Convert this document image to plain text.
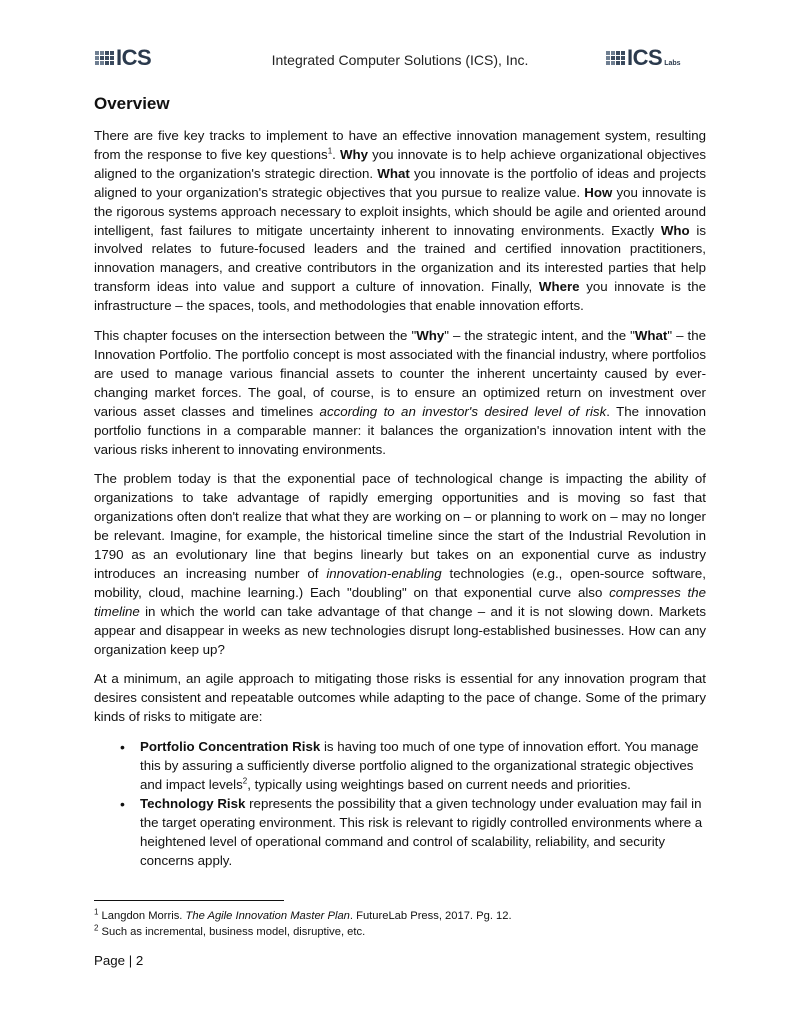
ICS	Integrated Computer Solutions (ICS), Inc.	ICS Labs
Overview

There are five key tracks to implement to have an effective innovation management system, resulting from the response to five key questions$^1$. Why you innovate is to help achieve organizational objectives aligned to the organization's strategic direction. What you innovate is the portfolio of ideas and projects aligned to your organization's strategic objectives that you pursue to realize value. How you innovate is the rigorous systems approach necessary to exploit insights, which should be agile and oriented around intelligent, fast failures to mitigate uncertainty inherent to innovating environments. Exactly Who is involved relates to future-focused leaders and the trained and certified innovation practitioners, innovation managers, and creative contributors in the organization and its interested parties that help transform ideas into value and support a culture of innovation. Finally, Where you innovate is the infrastructure – the spaces, tools, and methodologies that enable innovation efforts.

This chapter focuses on the intersection between the "Why" – the strategic intent, and the "What" – the Innovation Portfolio. The portfolio concept is most associated with the financial industry, where portfolios are used to manage various financial assets to counter the inherent uncertainty caused by ever-changing market forces. The goal, of course, is to ensure an optimized return on investment over various asset classes and timelines according to an investor's desired level of risk. The innovation portfolio functions in a comparable manner: it balances the organization's innovation intent with the various risks inherent to innovating environments.

The problem today is that the exponential pace of technological change is impacting the ability of organizations to take advantage of rapidly emerging opportunities and is moving so fast that organizations often don't realize that what they are working on – or planning to work on – may no longer be relevant. Imagine, for example, the historical timeline since the start of the Industrial Revolution in 1790 as an evolutionary line that begins linearly but takes on an exponential curve as industry introduces an increasing number of innovation-enabling technologies (e.g., open-source software, mobility, cloud, machine learning.) Each "doubling" on that exponential curve also compresses the timeline in which the world can take advantage of that change – and it is not slowing down. Markets appear and disappear in weeks as new technologies disrupt long-established businesses. How can any organization keep up?

At a minimum, an agile approach to mitigating those risks is essential for any innovation program that desires consistent and repeatable outcomes while adapting to the pace of change. Some of the primary kinds of risks to mitigate are:

• Portfolio Concentration Risk is having too much of one type of innovation effort. You manage this by assuring a sufficiently diverse portfolio aligned to the organizational strategic objectives and impact levels$^2$, typically using weightings based on current needs and priorities.
• Technology Risk represents the possibility that a given technology under evaluation may fail in the target operating environment. This risk is relevant to rigidly controlled environments where a heightened level of operational command and control of scalability, reliability, and security concerns apply.
$^1$ Langdon Morris. The Agile Innovation Master Plan. FutureLab Press, 2017. Pg. 12.
$^2$ Such as incremental, business model, disruptive, etc.
Page | 2
